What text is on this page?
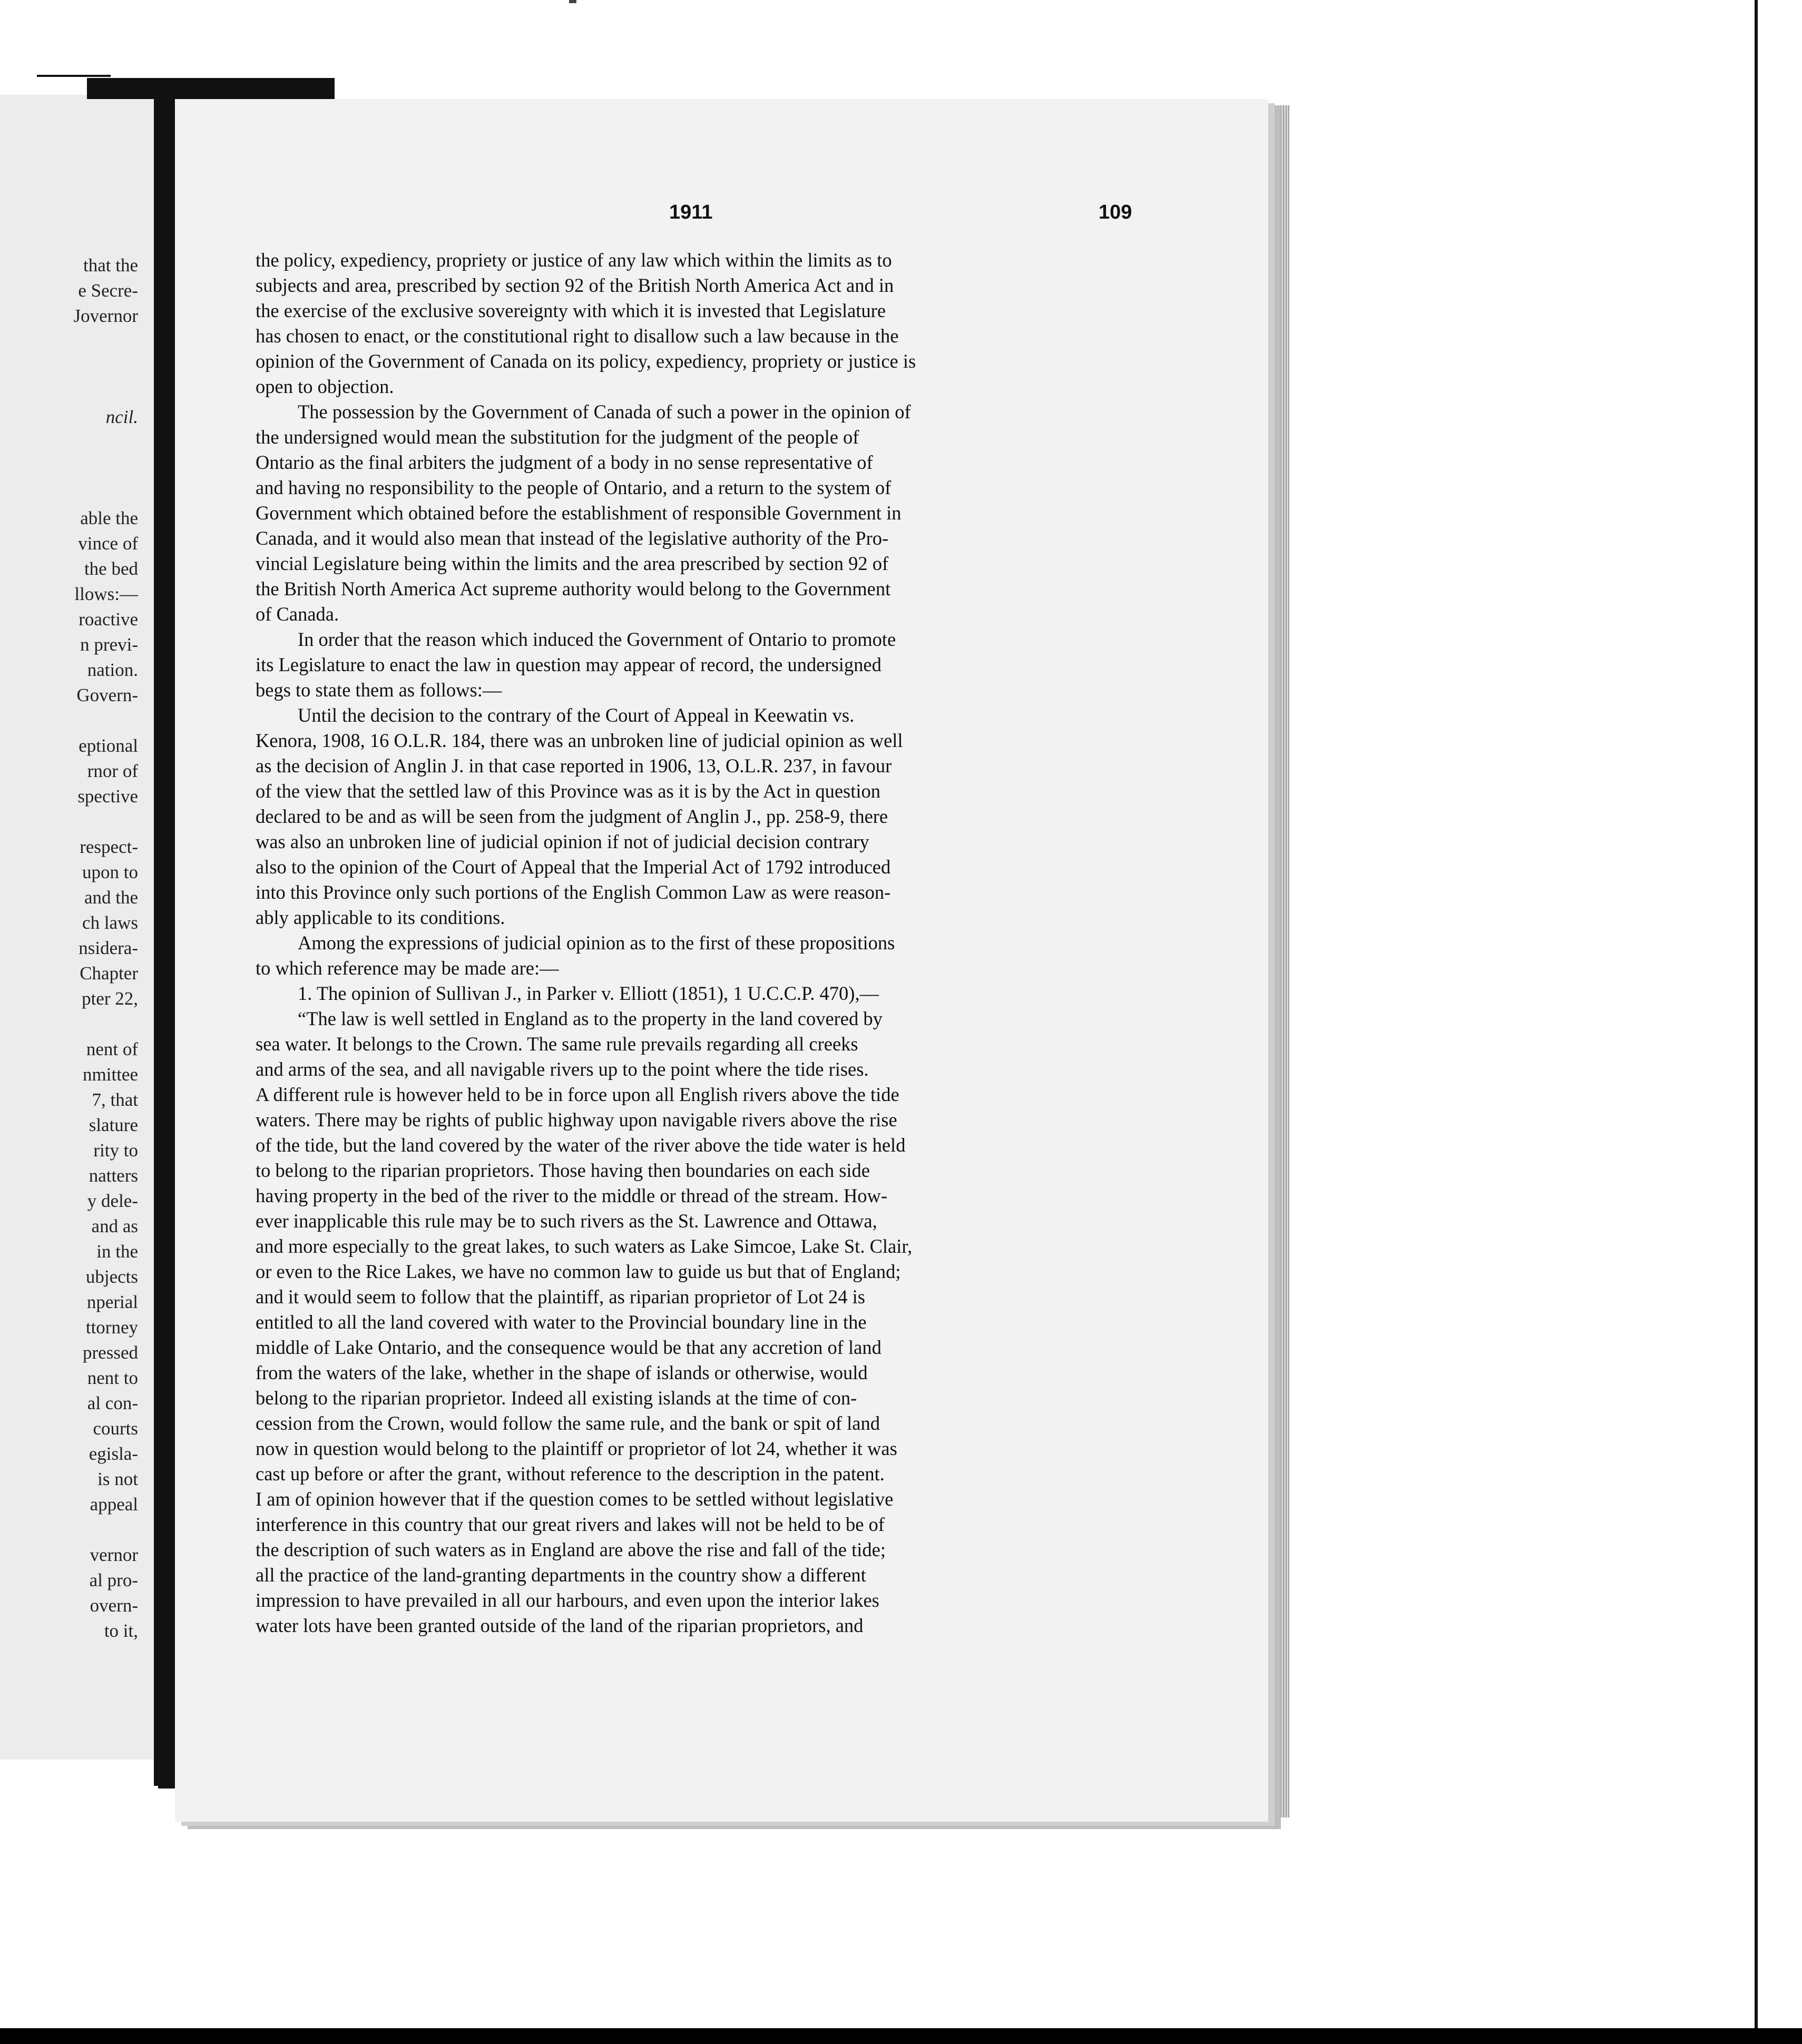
that the
e Secre-
Jovernor
ncil.
able the
vince of
the bed
llows:—
roactive
n previ-
nation.
Govern-
eptional
rnor of
spective
respect-
upon to
and the
ch laws
nsidera-
Chapter
pter 22,
nent of
nmittee
7, that
slature
rity to
natters
y dele-
and as
in the
ubjects
nperial
ttorney
pressed
nent to
al con-
courts
egisla-
is not
appeal
vernor
al pro-
overn-
to it,
1911	109
the policy, expediency, propriety or justice of any law which within the limits as to
subjects and area, prescribed by section 92 of the British North America Act and in
the exercise of the exclusive sovereignty with which it is invested that Legislature
has chosen to enact, or the constitutional right to disallow such a law because in the
opinion of the Government of Canada on its policy, expediency, propriety or justice is
open to objection.
The possession by the Government of Canada of such a power in the opinion of
the undersigned would mean the substitution for the judgment of the people of
Ontario as the final arbiters the judgment of a body in no sense representative of
and having no responsibility to the people of Ontario, and a return to the system of
Government which obtained before the establishment of responsible Government in
Canada, and it would also mean that instead of the legislative authority of the Pro-
vincial Legislature being within the limits and the area prescribed by section 92 of
the British North America Act supreme authority would belong to the Government
of Canada.
In order that the reason which induced the Government of Ontario to promote
its Legislature to enact the law in question may appear of record, the undersigned
begs to state them as follows:—
Until the decision to the contrary of the Court of Appeal in Keewatin vs.
Kenora, 1908, 16 O.L.R. 184, there was an unbroken line of judicial opinion as well
as the decision of Anglin J. in that case reported in 1906, 13, O.L.R. 237, in favour
of the view that the settled law of this Province was as it is by the Act in question
declared to be and as will be seen from the judgment of Anglin J., pp. 258-9, there
was also an unbroken line of judicial opinion if not of judicial decision contrary
also to the opinion of the Court of Appeal that the Imperial Act of 1792 introduced
into this Province only such portions of the English Common Law as were reason-
ably applicable to its conditions.
Among the expressions of judicial opinion as to the first of these propositions
to which reference may be made are:—
1. The opinion of Sullivan J., in Parker v. Elliott (1851), 1 U.C.C.P. 470),—
“The law is well settled in England as to the property in the land covered by
sea water. It belongs to the Crown. The same rule prevails regarding all creeks
and arms of the sea, and all navigable rivers up to the point where the tide rises.
A different rule is however held to be in force upon all English rivers above the tide
waters. There may be rights of public highway upon navigable rivers above the rise
of the tide, but the land covered by the water of the river above the tide water is held
to belong to the riparian proprietors. Those having then boundaries on each side
having property in the bed of the river to the middle or thread of the stream. How-
ever inapplicable this rule may be to such rivers as the St. Lawrence and Ottawa,
and more especially to the great lakes, to such waters as Lake Simcoe, Lake St. Clair,
or even to the Rice Lakes, we have no common law to guide us but that of England;
and it would seem to follow that the plaintiff, as riparian proprietor of Lot 24 is
entitled to all the land covered with water to the Provincial boundary line in the
middle of Lake Ontario, and the consequence would be that any accretion of land
from the waters of the lake, whether in the shape of islands or otherwise, would
belong to the riparian proprietor. Indeed all existing islands at the time of con-
cession from the Crown, would follow the same rule, and the bank or spit of land
now in question would belong to the plaintiff or proprietor of lot 24, whether it was
cast up before or after the grant, without reference to the description in the patent.
I am of opinion however that if the question comes to be settled without legislative
interference in this country that our great rivers and lakes will not be held to be of
the description of such waters as in England are above the rise and fall of the tide;
all the practice of the land-granting departments in the country show a different
impression to have prevailed in all our harbours, and even upon the interior lakes
water lots have been granted outside of the land of the riparian proprietors, and
